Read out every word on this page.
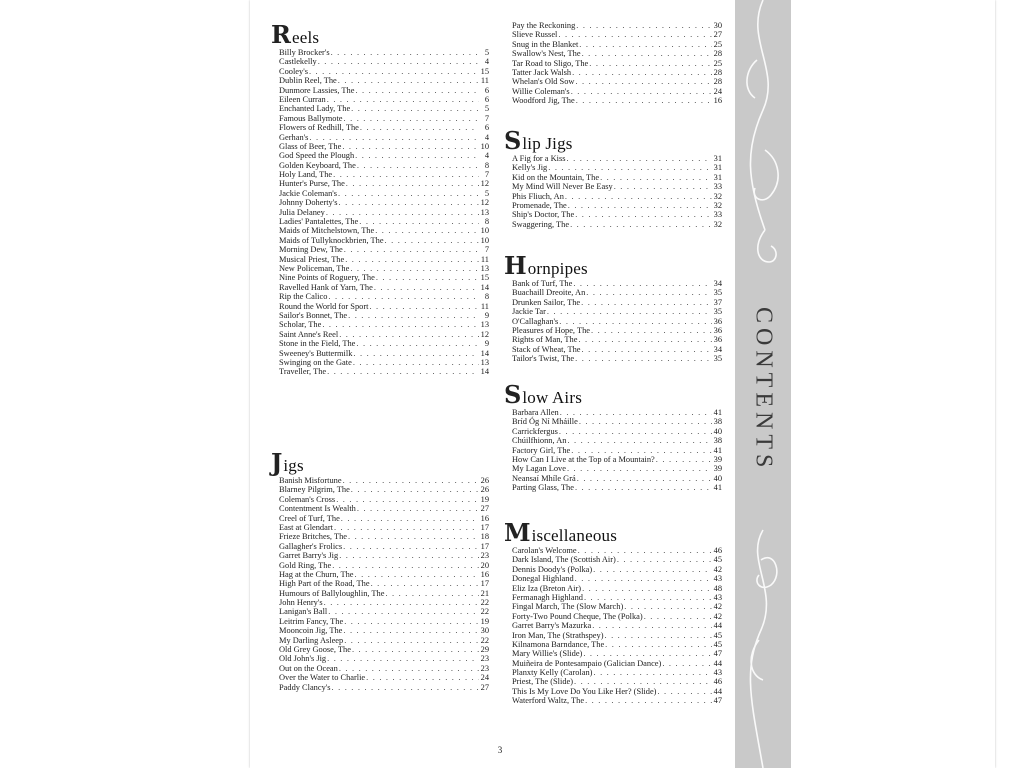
CONTENTS
Reels
Billy Brocker's . . .	5
Castlekelly . . .	4
Cooley's . . .	15
Dublin Reel, The . . .	11
Dunmore Lassies, The . . .	6
Eileen Curran . . .	6
Enchanted Lady, The . . .	5
Famous Ballymote . . .	7
Flowers of Redhill, The . . .	6
Gerhan's . . .	4
Glass of Beer, The . . .	10
God Speed the Plough . . .	4
Golden Keyboard, The . . .	8
Holy Land, The . . .	7
Hunter's Purse, The . . .	12
Jackie Coleman's . . .	5
Johnny Doherty's . . .	12
Julia Delaney . . .	13
Ladies' Pantalettes, The . . .	8
Maids of Mitchelstown, The . . .	10
Maids of Tullyknockbrien, The . . .	10
Morning Dew, The . . .	7
Musical Priest, The . . .	11
New Policeman, The . . .	13
Nine Points of Roguery, The . . .	15
Ravelled Hank of Yarn, The . . .	14
Rip the Calico . . .	8
Round the World for Sport . . .	11
Sailor's Bonnet, The . . .	9
Scholar, The . . .	13
Saint Anne's Reel . . .	12
Stone in the Field, The . . .	9
Sweeney's Buttermilk . . .	14
Swinging on the Gate . . .	13
Traveller, The . . .	14
Jigs
Banish Misfortune . . .	26
Blarney Pilgrim, The . . .	26
Coleman's Cross . . .	19
Contentment Is Wealth . . .	27
Creel of Turf, The . . .	16
East at Glendart . . .	17
Frieze Britches, The . . .	18
Gallagher's Frolics . . .	17
Garret Barry's Jig . . .	23
Gold Ring, The . . .	20
Hag at the Churn, The . . .	16
High Part of the Road, The . . .	17
Humours of Ballyloughlin, The . . .	21
John Henry's . . .	22
Lanigan's Ball . . .	22
Leitrim Fancy, The . . .	19
Mooncoin Jig, The . . .	30
My Darling Asleep . . .	22
Old Grey Goose, The . . .	29
Old John's Jig . . .	23
Out on the Ocean . . .	23
Over the Water to Charlie . . .	24
Paddy Clancy's . . .	27
Pay the Reckoning . . .	30
Slieve Russel . . .	27
Snug in the Blanket . . .	25
Swallow's Nest, The . . .	28
Tar Road to Sligo, The . . .	25
Tatter Jack Walsh . . .	28
Whelan's Old Sow . . .	28
Willie Coleman's . . .	24
Woodford Jig, The . . .	16
Slip Jigs
A Fig for a Kiss . . .	31
Kelly's Jig . . .	31
Kid on the Mountain, The . . .	31
My Mind Will Never Be Easy . . .	33
Phis Fliuch, An . . .	32
Promenade, The . . .	32
Ship's Doctor, The . . .	33
Swaggering, The . . .	32
Hornpipes
Bank of Turf, The . . .	34
Buachaill Dreoite, An . . .	35
Drunken Sailor, The . . .	37
Jackie Tar . . .	35
O'Callaghan's . . .	36
Pleasures of Hope, The . . .	36
Rights of Man, The . . .	36
Stack of Wheat, The . . .	34
Tailor's Twist, The . . .	35
Slow Airs
Barbara Allen . . .	41
Bríd Óg Ní Mháille . . .	38
Carrickfergus . . .	40
Chúilfhionn, An . . .	38
Factory Girl, The . . .	41
How Can I Live at the Top of a Mountain? . . .	39
My Lagan Love . . .	39
Neansaí Mhíle Grá . . .	40
Parting Glass, The . . .	41
Miscellaneous
Carolan's Welcome . . .	46
Dark Island, The (Scottish Air) . . .	45
Dennis Doody's (Polka) . . .	42
Donegal Highland . . .	43
Eliz Iza (Breton Air) . . .	48
Fermanagh Highland . . .	43
Fingal March, The (Slow March) . . .	42
Forty-Two Pound Cheque, The (Polka) . . .	42
Garret Barry's Mazurka . . .	44
Iron Man, The (Strathspey) . . .	45
Kilnamona Barndance, The . . .	45
Mary Willie's (Slide) . . .	47
Muiñeira de Pontesampaio (Galician Dance) . . .	44
Planxty Kelly (Carolan) . . .	43
Priest, The (Slide) . . .	46
This Is My Love Do You Like Her? (Slide) . . .	44
Waterford Waltz, The . . .	47
3
